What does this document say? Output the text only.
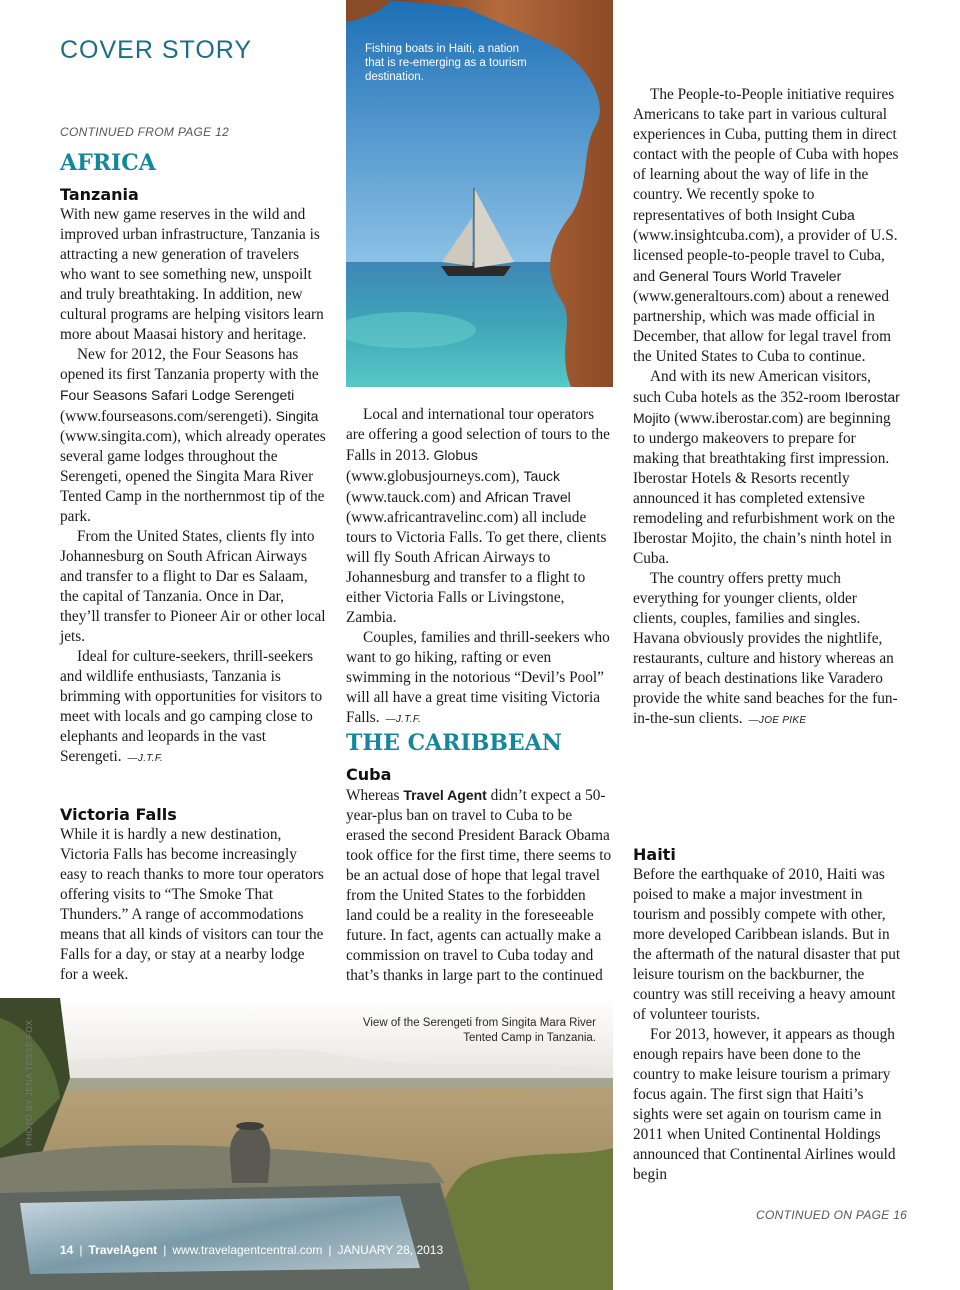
COVER STORY
CONTINUED FROM PAGE 12
Fishing boats in Haiti, a nation that is re-emerging as a tourism destination.
AFRICA
Tanzania

With new game reserves in the wild and improved urban infrastructure, Tanzania is attracting a new generation of travelers who want to see something new, unspoilt and truly breathtaking. In addition, new cultural programs are helping visitors learn more about Maasai history and heritage.

New for 2012, the Four Seasons has opened its first Tanzania property with the Four Seasons Safari Lodge Serengeti (www.fourseasons.com/serengeti). Singita (www.singita.com), which already operates several game lodges throughout the Serengeti, opened the Singita Mara River Tented Camp in the northernmost tip of the park.

From the United States, clients fly into Johannesburg on South African Airways and transfer to a flight to Dar es Salaam, the capital of Tanzania. Once in Dar, they’ll transfer to Pioneer Air or other local jets.

Ideal for culture-seekers, thrill-seekers and wildlife enthusiasts, Tanzania is brimming with opportunities for visitors to meet with locals and go camping close to elephants and leopards in the vast Serengeti. —J.T.F.

Victoria Falls

While it is hardly a new destination, Victoria Falls has become increasingly easy to reach thanks to more tour operators offering visits to “The Smoke That Thunders.” A range of accommodations means that all kinds of visitors can tour the Falls for a day, or stay at a nearby lodge for a week.

Local and international tour operators are offering a good selection of tours to the Falls in 2013. Globus (www.globusjourneys.com), Tauck (www.tauck.com) and African Travel (www.africantravelinc.com) all include tours to Victoria Falls. To get there, clients will fly South African Airways to Johannesburg and transfer to a flight to either Victoria Falls or Livingstone, Zambia.

Couples, families and thrill-seekers who want to go hiking, rafting or even swimming in the notorious “Devil’s Pool” will all have a great time visiting Victoria Falls. —J.T.F.

THE CARIBBEAN
Cuba

Whereas Travel Agent didn’t expect a 50-year-plus ban on travel to Cuba to be erased the second President Barack Obama took office for the first time, there seems to be an actual dose of hope that legal travel from the United States to the forbidden land could be a reality in the foreseeable future. In fact, agents can actually make a commission on travel to Cuba today and that’s thanks in large part to the continued

The People-to-People initiative requires Americans to take part in various cultural experiences in Cuba, putting them in direct contact with the people of Cuba with hopes of learning about the way of life in the country. We recently spoke to representatives of both Insight Cuba (www.insightcuba.com), a provider of U.S. licensed people-to-people travel to Cuba, and General Tours World Traveler (www.generaltours.com) about a renewed partnership, which was made official in December, that allow for legal travel from the United States to Cuba to continue.

And with its new American visitors, such Cuba hotels as the 352-room Iberostar Mojito (www.iberostar.com) are beginning to undergo makeovers to prepare for making that breathtaking first impression. Iberostar Hotels & Resorts recently announced it has completed extensive remodeling and refurbishment work on the Iberostar Mojito, the chain’s ninth hotel in Cuba.

The country offers pretty much everything for younger clients, older clients, couples, families and singles. Havana obviously provides the nightlife, restaurants, culture and history whereas an array of beach destinations like Varadero provide the white sand beaches for the fun-in-the-sun clients. —JOE PIKE

Haiti

Before the earthquake of 2010, Haiti was poised to make a major investment in tourism and possibly compete with other, more developed Caribbean islands. But in the aftermath of the natural disaster that put leisure tourism on the backburner, the country was still receiving a heavy amount of volunteer tourists.

For 2013, however, it appears as though enough repairs have been done to the country to make leisure tourism a primary focus again. The first sign that Haiti’s sights were set again on tourism came in 2011 when United Continental Holdings announced that Continental Airlines would begin

CONTINUED ON PAGE 16
View of the Serengeti from Singita Mara River Tented Camp in Tanzania.
PHOTO BY JENA TESSE FOX
14 | TravelAgent | www.travelagentcentral.com | JANUARY 28, 2013
